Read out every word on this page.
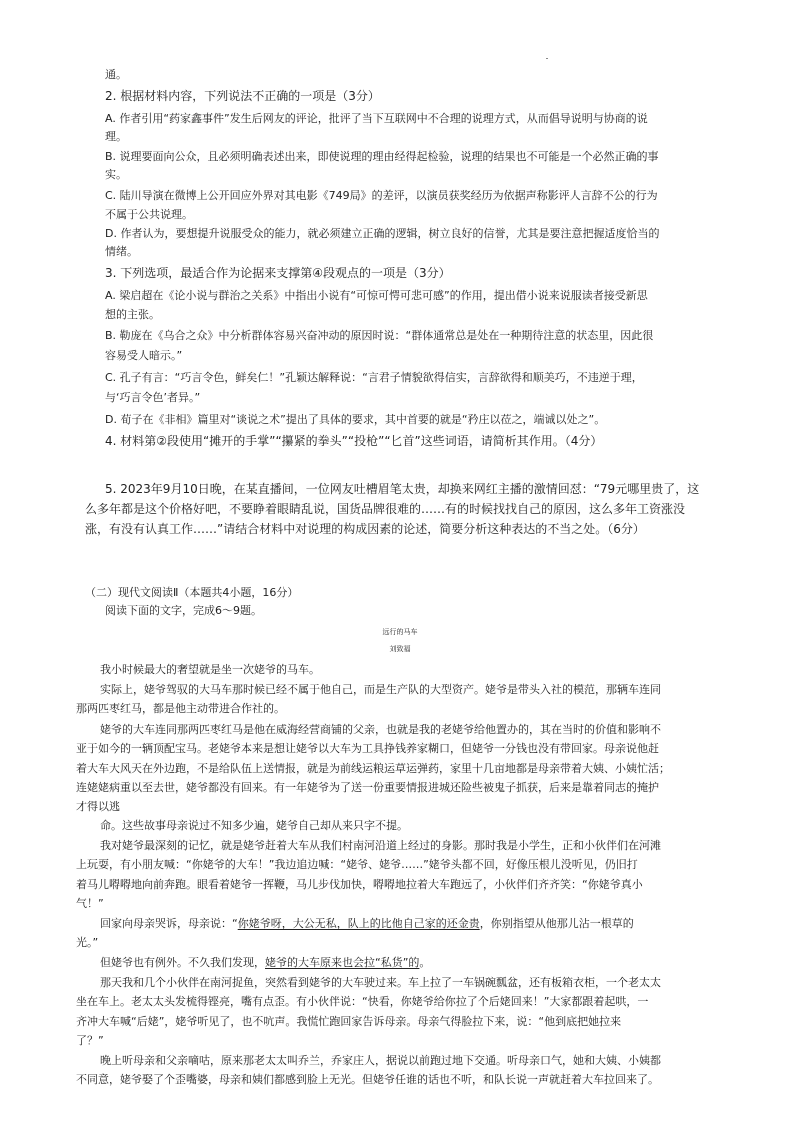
通。
2. 根据材料内容，下列说法不正确的一项是（3分）
A. 作者引用“药家鑫事件”发生后网友的评论，批评了当下互联网中不合理的说理方式，从而倡导说明与协商的说
理。
B. 说理要面向公众，且必须明确表述出来，即使说理的理由经得起检验，说理的结果也不可能是一个必然正确的事
实。
C. 陆川导演在微博上公开回应外界对其电影《749局》的差评，以演员获奖经历为依据声称影评人言辞不公的行为
不属于公共说理。
D. 作者认为，要想提升说服受众的能力，就必须建立正确的逻辑，树立良好的信誉，尤其是要注意把握适度恰当的
情绪。
3. 下列选项，最适合作为论据来支撑第④段观点的一项是（3分）
A. 梁启超在《论小说与群治之关系》中指出小说有“可惊可愕可悲可感”的作用，提出借小说来说服读者接受新思
想的主张。
B. 勒庞在《乌合之众》中分析群体容易兴奋冲动的原因时说：“群体通常总是处在一种期待注意的状态里，因此很
容易受人暗示。”
C. 孔子有言：“巧言令色，鲜矣仁！”孔颖达解释说：“言君子情貌欲得信实，言辞欲得和顺美巧，不违逆于理，
与‘巧言令色’者异。”
D. 荀子在《非相》篇里对“谈说之术”提出了具体的要求，其中首要的就是“矜庄以莅之，端诚以处之”。
4. 材料第②段使用“摊开的手掌”“攥紧的拳头”“投枪”“匕首”这些词语，请简析其作用。（4分）
5. 2023年9月10日晚，在某直播间，一位网友吐槽眉笔太贵，却换来网红主播的激情回怼：“79元哪里贵了，这
么多年都是这个价格好吧，不要睁着眼睛乱说，国货品牌很难的……有的时候找找自己的原因，这么多年工资涨没
涨，有没有认真工作……”请结合材料中对说理的构成因素的论述，简要分析这种表达的不当之处。（6分）
（二）现代文阅读Ⅱ（本题共4小题，16分）
阅读下面的文字，完成6～9题。
远行的马车
刘致福
我小时候最大的奢望就是坐一次姥爷的马车。
实际上，姥爷驾驭的大马车那时候已经不属于他自己，而是生产队的大型资产。姥爷是带头入社的模范，那辆车连同
那两匹枣红马，都是他主动带进合作社的。
姥爷的大车连同那两匹枣红马是他在威海经营商铺的父亲，也就是我的老姥爷给他置办的，其在当时的价值和影响不
亚于如今的一辆顶配宝马。老姥爷本来是想让姥爷以大车为工具挣钱养家糊口，但姥爷一分钱也没有带回家。母亲说他赶
着大车大风天在外边跑，不是给队伍上送情报，就是为前线运粮运草运弹药，家里十几亩地都是母亲带着大姨、小姨忙活；
连姥姥病重以至去世，姥爷都没有回来。有一年姥爷为了送一份重要情报进城还险些被鬼子抓获，后来是靠着同志的掩护
才得以逃
命。这些故事母亲说过不知多少遍，姥爷自己却从来只字不提。
我对姥爷最深刻的记忆，就是姥爷赶着大车从我们村南河沿道上经过的身影。那时我是小学生，正和小伙伴们在河滩
上玩耍，有小朋友喊：“你姥爷的大车！”我边追边喊：“姥爷、姥爷……”姥爷头都不回，好像压根儿没听见，仍旧打
着马儿嘚嘚地向前奔跑。眼看着姥爷一挥鞭，马儿步伐加快，嘚嘚地拉着大车跑远了，小伙伴们齐齐笑：“你姥爷真小
气！”
回家向母亲哭诉，母亲说：“你姥爷呀，大公无私，队上的比他自己家的还金贵，你别指望从他那儿沾一根草的
光。”
但姥爷也有例外。不久我们发现，姥爷的大车原来也会拉“私货”的。
那天我和几个小伙伴在南河捉鱼，突然看到姥爷的大车驶过来。车上拉了一车锅碗瓢盆，还有板箱衣柜，一个老太太
坐在车上。老太太头发梳得铿亮，嘴有点歪。有小伙伴说：“快看，你姥爷给你拉了个后姥回来！”大家都跟着起哄，一
齐冲大车喊“后姥”，姥爷听见了，也不吭声。我慌忙跑回家告诉母亲。母亲气得脸拉下来，说：“他到底把她拉来
了？”
晚上听母亲和父亲嘀咕，原来那老太太叫乔兰，乔家庄人，据说以前跑过地下交通。听母亲口气，她和大姨、小姨都
不同意，姥爷娶了个歪嘴婆，母亲和姨们都感到脸上无光。但姥爷任谁的话也不听，和队长说一声就赶着大车拉回来了。
